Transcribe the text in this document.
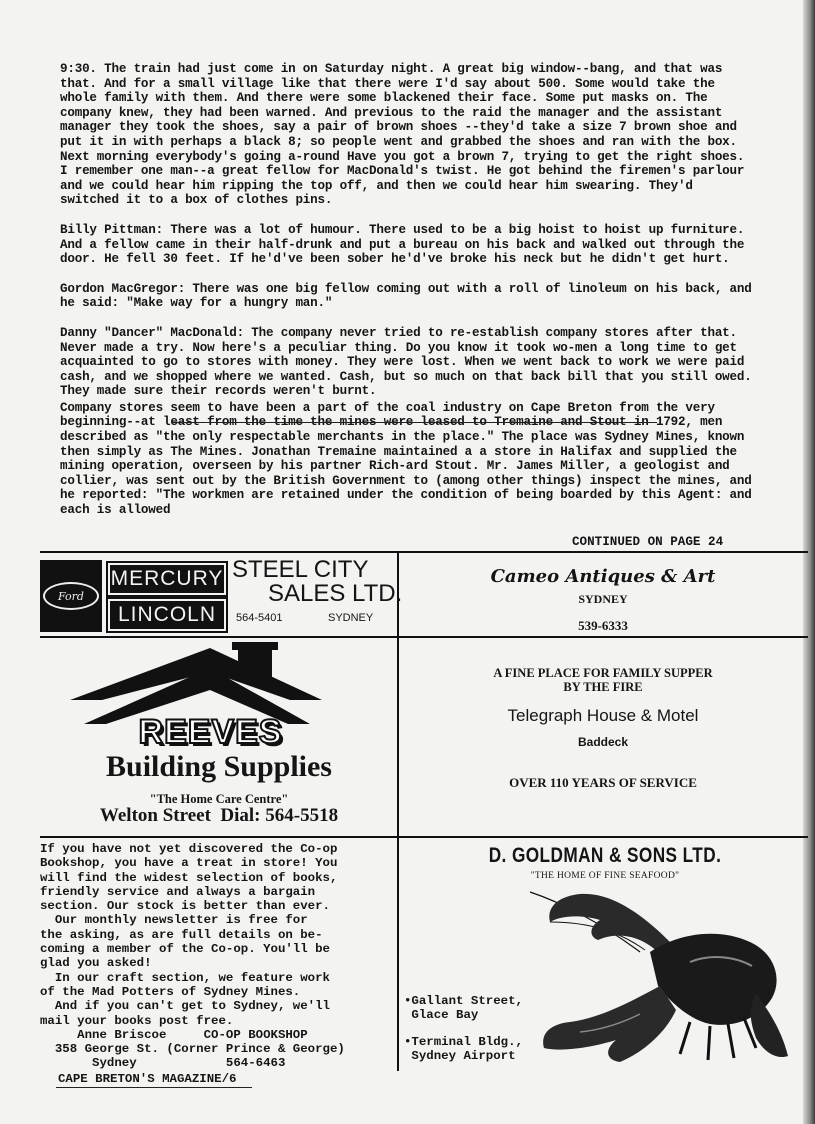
9:30. The train had just come in on Saturday night. A great big window--bang, and that was that. And for a small village like that there were I'd say about 500. Some would take the whole family with them. And there were some blackened their face. Some put masks on. The company knew, they had been warned. And previous to the raid the manager and the assistant manager they took the shoes, say a pair of brown shoes --they'd take a size 7 brown shoe and put it in with perhaps a black 8; so people went and grabbed the shoes and ran with the box. Next morning everybody's going a-round Have you got a brown 7, trying to get the right shoes. I remember one man--a great fellow for MacDonald's twist. He got behind the firemen's parlour and we could hear him ripping the top off, and then we could hear him swearing. They'd switched it to a box of clothes pins.

Billy Pittman: There was a lot of humour. There used to be a big hoist to hoist up furniture. And a fellow came in their half-drunk and put a bureau on his back and walked out through the door. He fell 30 feet. If he'd've been sober he'd've broke his neck but he didn't get hurt.

Gordon MacGregor: There was one big fellow coming out with a roll of linoleum on his back, and he said: "Make way for a hungry man."

Danny "Dancer" MacDonald: The company never tried to re-establish company stores after that. Never made a try. Now here's a peculiar thing. Do you know it took wo-men a long time to get acquainted to go to stores with money. They were lost. When we went back to work we were paid cash, and we shopped where we wanted. Cash, but so much on that back bill that you still owed. They made sure their records weren't burnt.

Company stores seem to have been a part of the coal industry on Cape Breton from the very beginning--at least from the time the mines were leased to Tremaine and Stout in 1792, men described as "the only respectable merchants in the place." The place was Sydney Mines, known then simply as The Mines. Jonathan Tremaine maintained a a store in Halifax and supplied the mining operation, overseen by his partner Rich-ard Stout. Mr. James Miller, a geologist and collier, was sent out by the British Government to (among other things) inspect the mines, and he reported: "The workmen are retained under the condition of being boarded by this Agent: and each is allowed

CONTINUED ON PAGE 24
Ford
MERCURY
LINCOLN
STEEL CITY
SALES LTD.
564-5401	SYDNEY
Cameo Antiques & Art
SYDNEY
539-6333
REEVES
Building Supplies
"The Home Care Centre"
Welton Street  Dial: 564-5518
A FINE PLACE FOR FAMILY SUPPER
BY THE FIRE
Telegraph House & Motel
Baddeck
OVER 110 YEARS OF SERVICE
If you have not yet discovered the Co-op
Bookshop, you have a treat in store! You
will find the widest selection of books,
friendly service and always a bargain
section. Our stock is better than ever.
Our monthly newsletter is free for
the asking, as are full details on be-
coming a member of the Co-op. You'll be
glad you asked!
In our craft section, we feature work
of the Mad Potters of Sydney Mines.
And if you can't get to Sydney, we'll
mail your books post free.
Anne Briscoe     CO-OP BOOKSHOP
358 George St. (Corner Prince & George)
Sydney            564-6463
CAPE BRETON'S MAGAZINE/6
D. GOLDMAN & SONS LTD.
"THE HOME OF FINE SEAFOOD"
•Gallant Street,
Glace Bay
•Terminal Bldg.,
Sydney Airport
